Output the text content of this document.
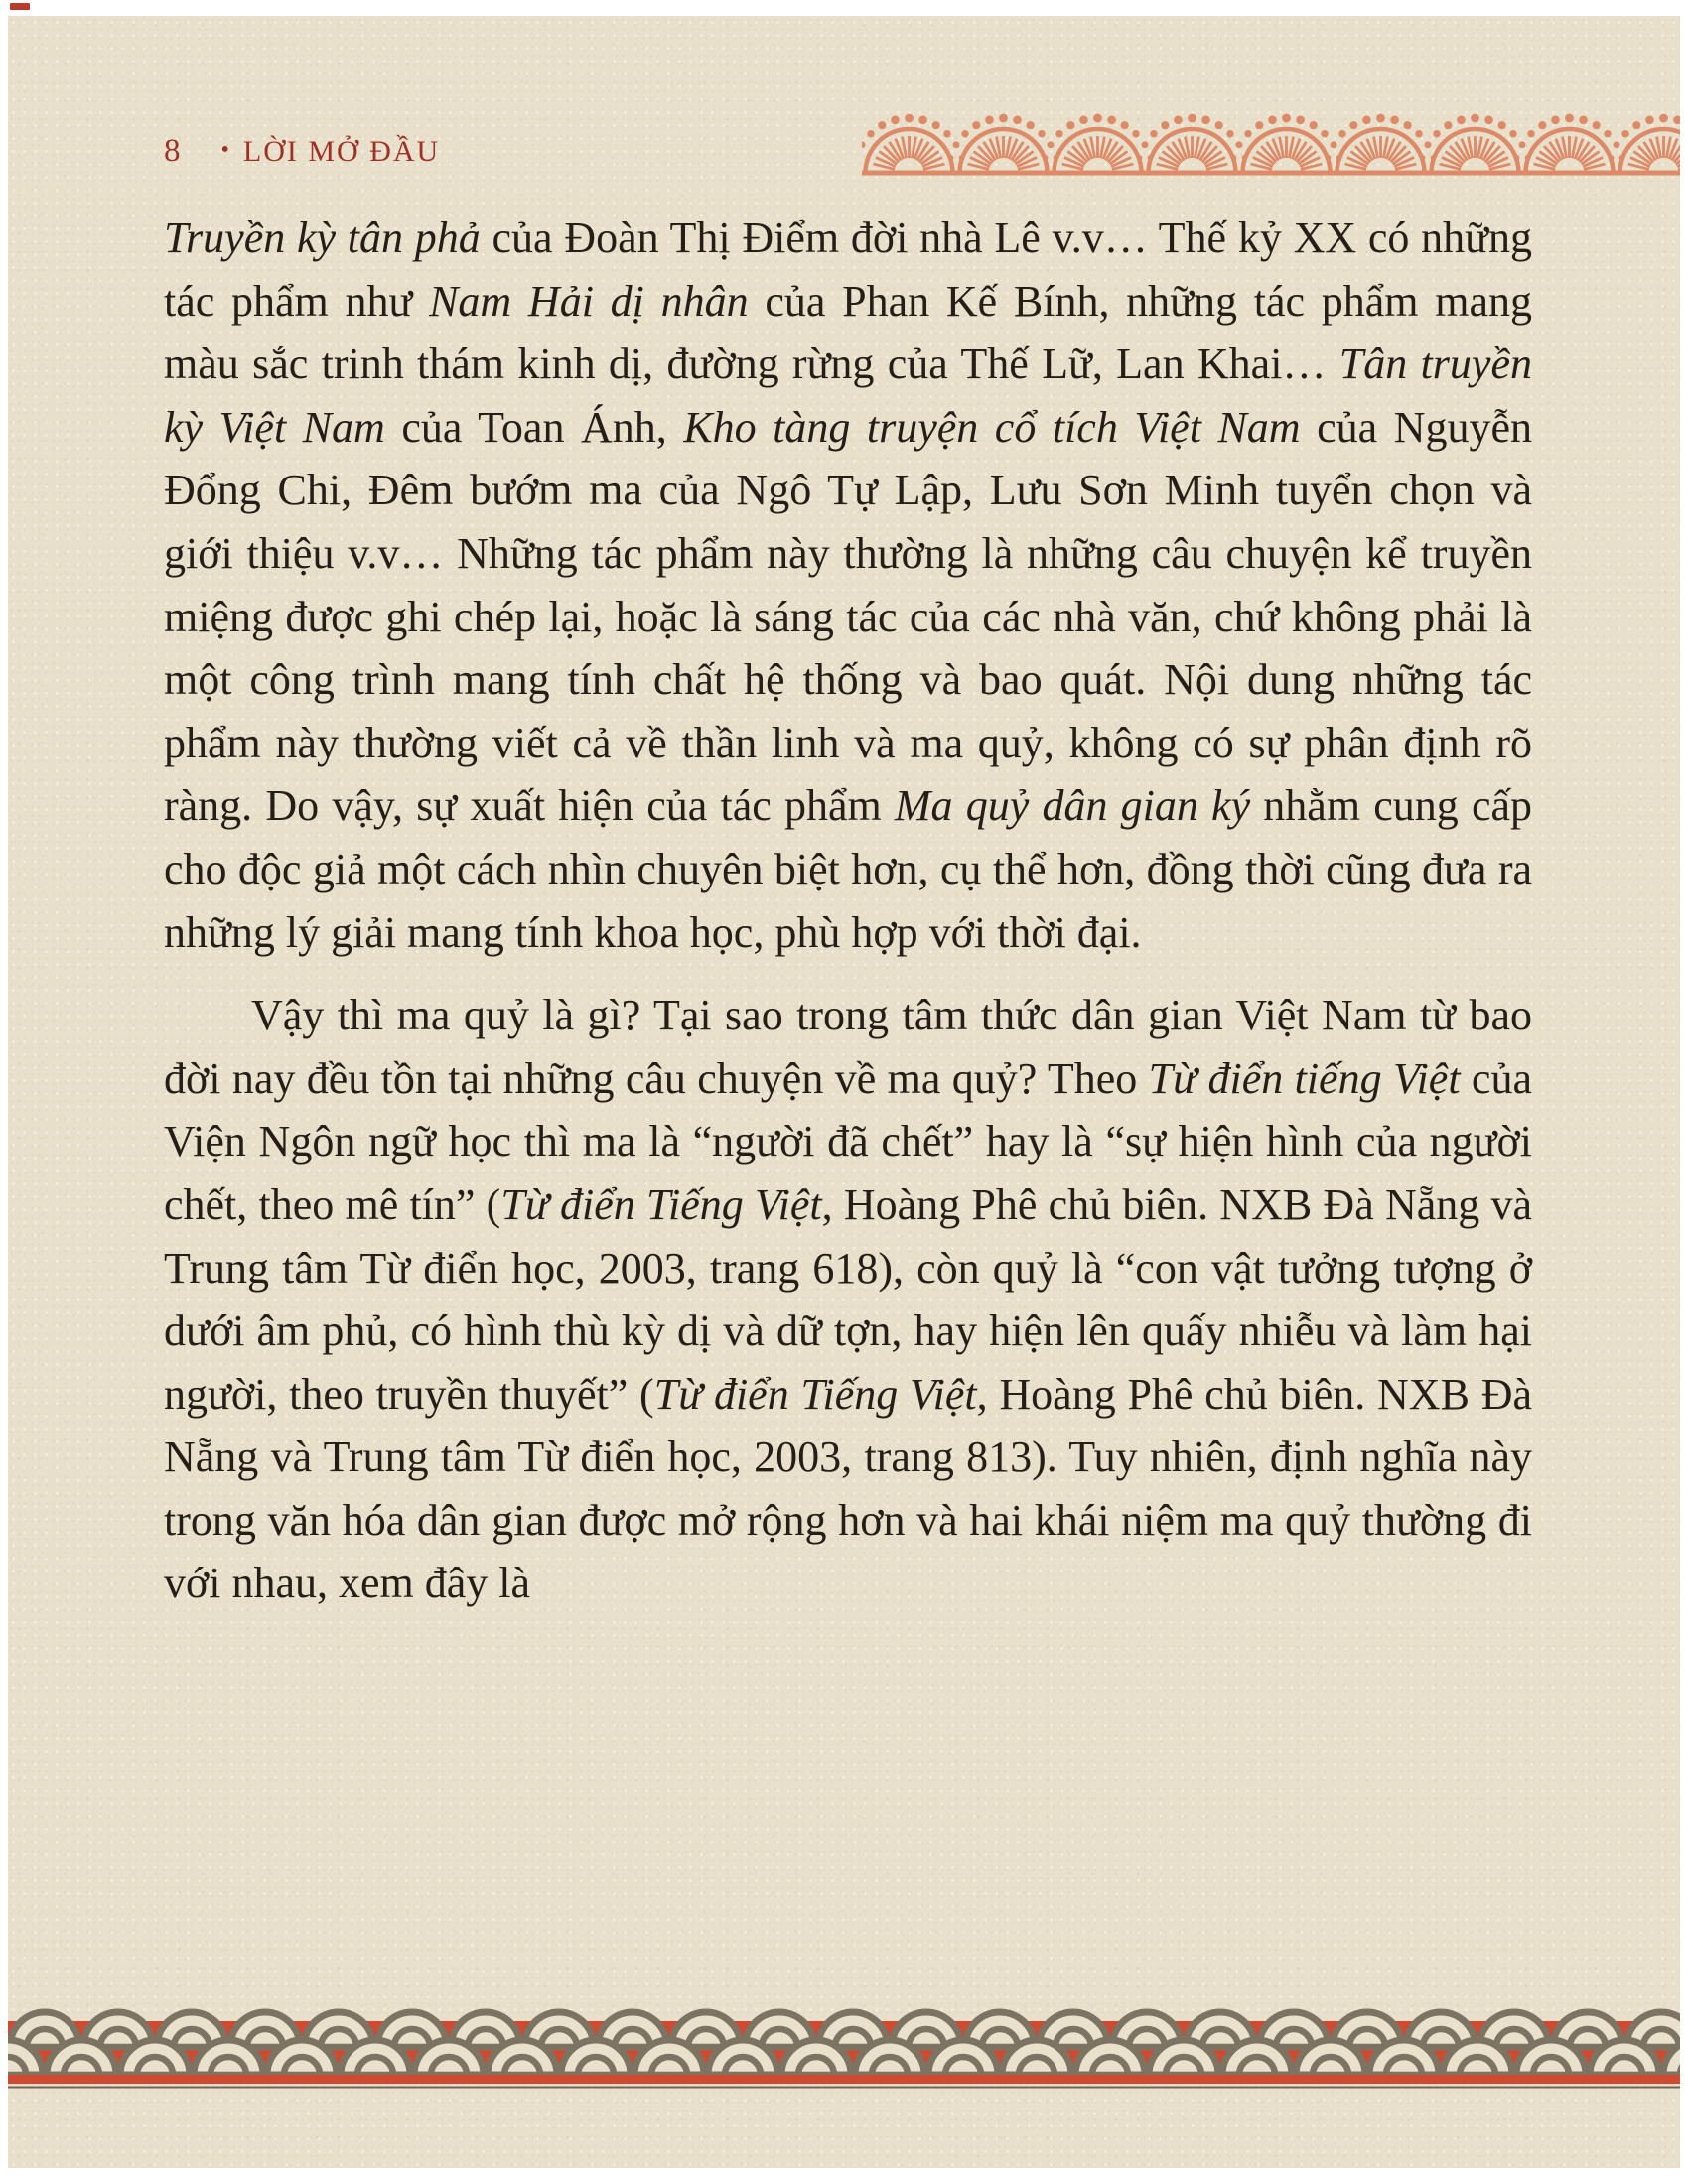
8 • LỜI MỞ ĐẦU

Truyền kỳ tân phả của Đoàn Thị Điểm đời nhà Lê v.v… Thế kỷ XX có những tác phẩm như Nam Hải dị nhân của Phan Kế Bính, những tác phẩm mang màu sắc trinh thám kinh dị, đường rừng của Thế Lữ, Lan Khai… Tân truyền kỳ Việt Nam của Toan Ánh, Kho tàng truyện cổ tích Việt Nam của Nguyễn Đổng Chi, Đêm bướm ma của Ngô Tự Lập, Lưu Sơn Minh tuyển chọn và giới thiệu v.v… Những tác phẩm này thường là những câu chuyện kể truyền miệng được ghi chép lại, hoặc là sáng tác của các nhà văn, chứ không phải là một công trình mang tính chất hệ thống và bao quát. Nội dung những tác phẩm này thường viết cả về thần linh và ma quỷ, không có sự phân định rõ ràng. Do vậy, sự xuất hiện của tác phẩm Ma quỷ dân gian ký nhằm cung cấp cho độc giả một cách nhìn chuyên biệt hơn, cụ thể hơn, đồng thời cũng đưa ra những lý giải mang tính khoa học, phù hợp với thời đại.

Vậy thì ma quỷ là gì? Tại sao trong tâm thức dân gian Việt Nam từ bao đời nay đều tồn tại những câu chuyện về ma quỷ? Theo Từ điển tiếng Việt của Viện Ngôn ngữ học thì ma là “người đã chết” hay là “sự hiện hình của người chết, theo mê tín” (Từ điển Tiếng Việt, Hoàng Phê chủ biên. NXB Đà Nẵng và Trung tâm Từ điển học, 2003, trang 618), còn quỷ là “con vật tưởng tượng ở dưới âm phủ, có hình thù kỳ dị và dữ tợn, hay hiện lên quấy nhiễu và làm hại người, theo truyền thuyết” (Từ điển Tiếng Việt, Hoàng Phê chủ biên. NXB Đà Nẵng và Trung tâm Từ điển học, 2003, trang 813). Tuy nhiên, định nghĩa này trong văn hóa dân gian được mở rộng hơn và hai khái niệm ma quỷ thường đi với nhau, xem đây là
